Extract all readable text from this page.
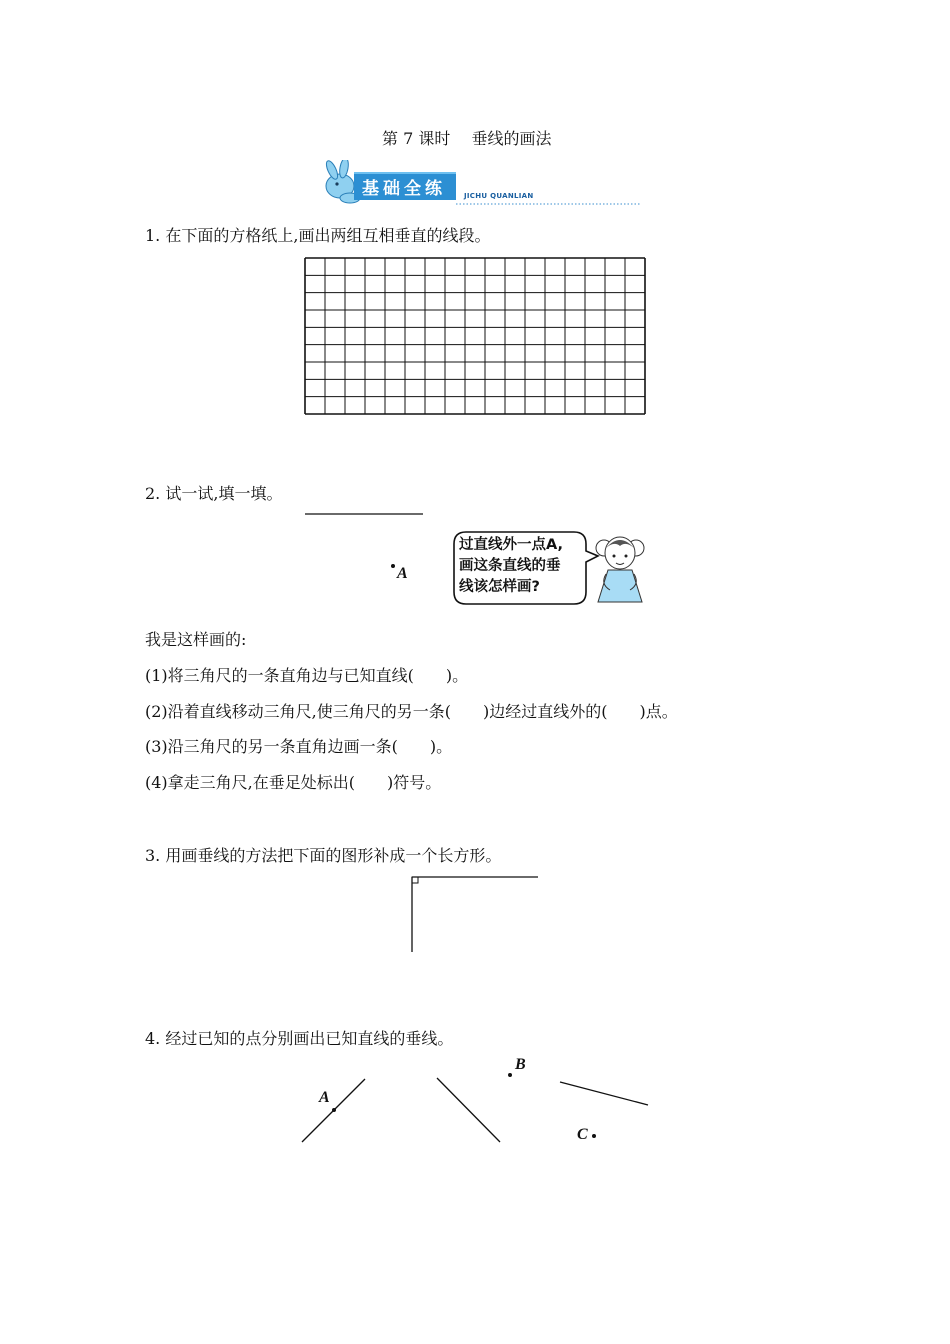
第 7 课时　 垂线的画法
基础全练	JICHU QUANLIAN
1. 在下面的方格纸上,画出两组互相垂直的线段。
2. 试一试,填一填。
A
过直线外一点A,
画这条直线的垂
线该怎样画?
我是这样画的:
(1)将三角尺的一条直角边与已知直线(　　)。
(2)沿着直线移动三角尺,使三角尺的另一条(　　)边经过直线外的(　　)点。
(3)沿三角尺的另一条直角边画一条(　　)。
(4)拿走三角尺,在垂足处标出(　　)符号。
3. 用画垂线的方法把下面的图形补成一个长方形。
4. 经过已知的点分别画出已知直线的垂线。
A
B
C
